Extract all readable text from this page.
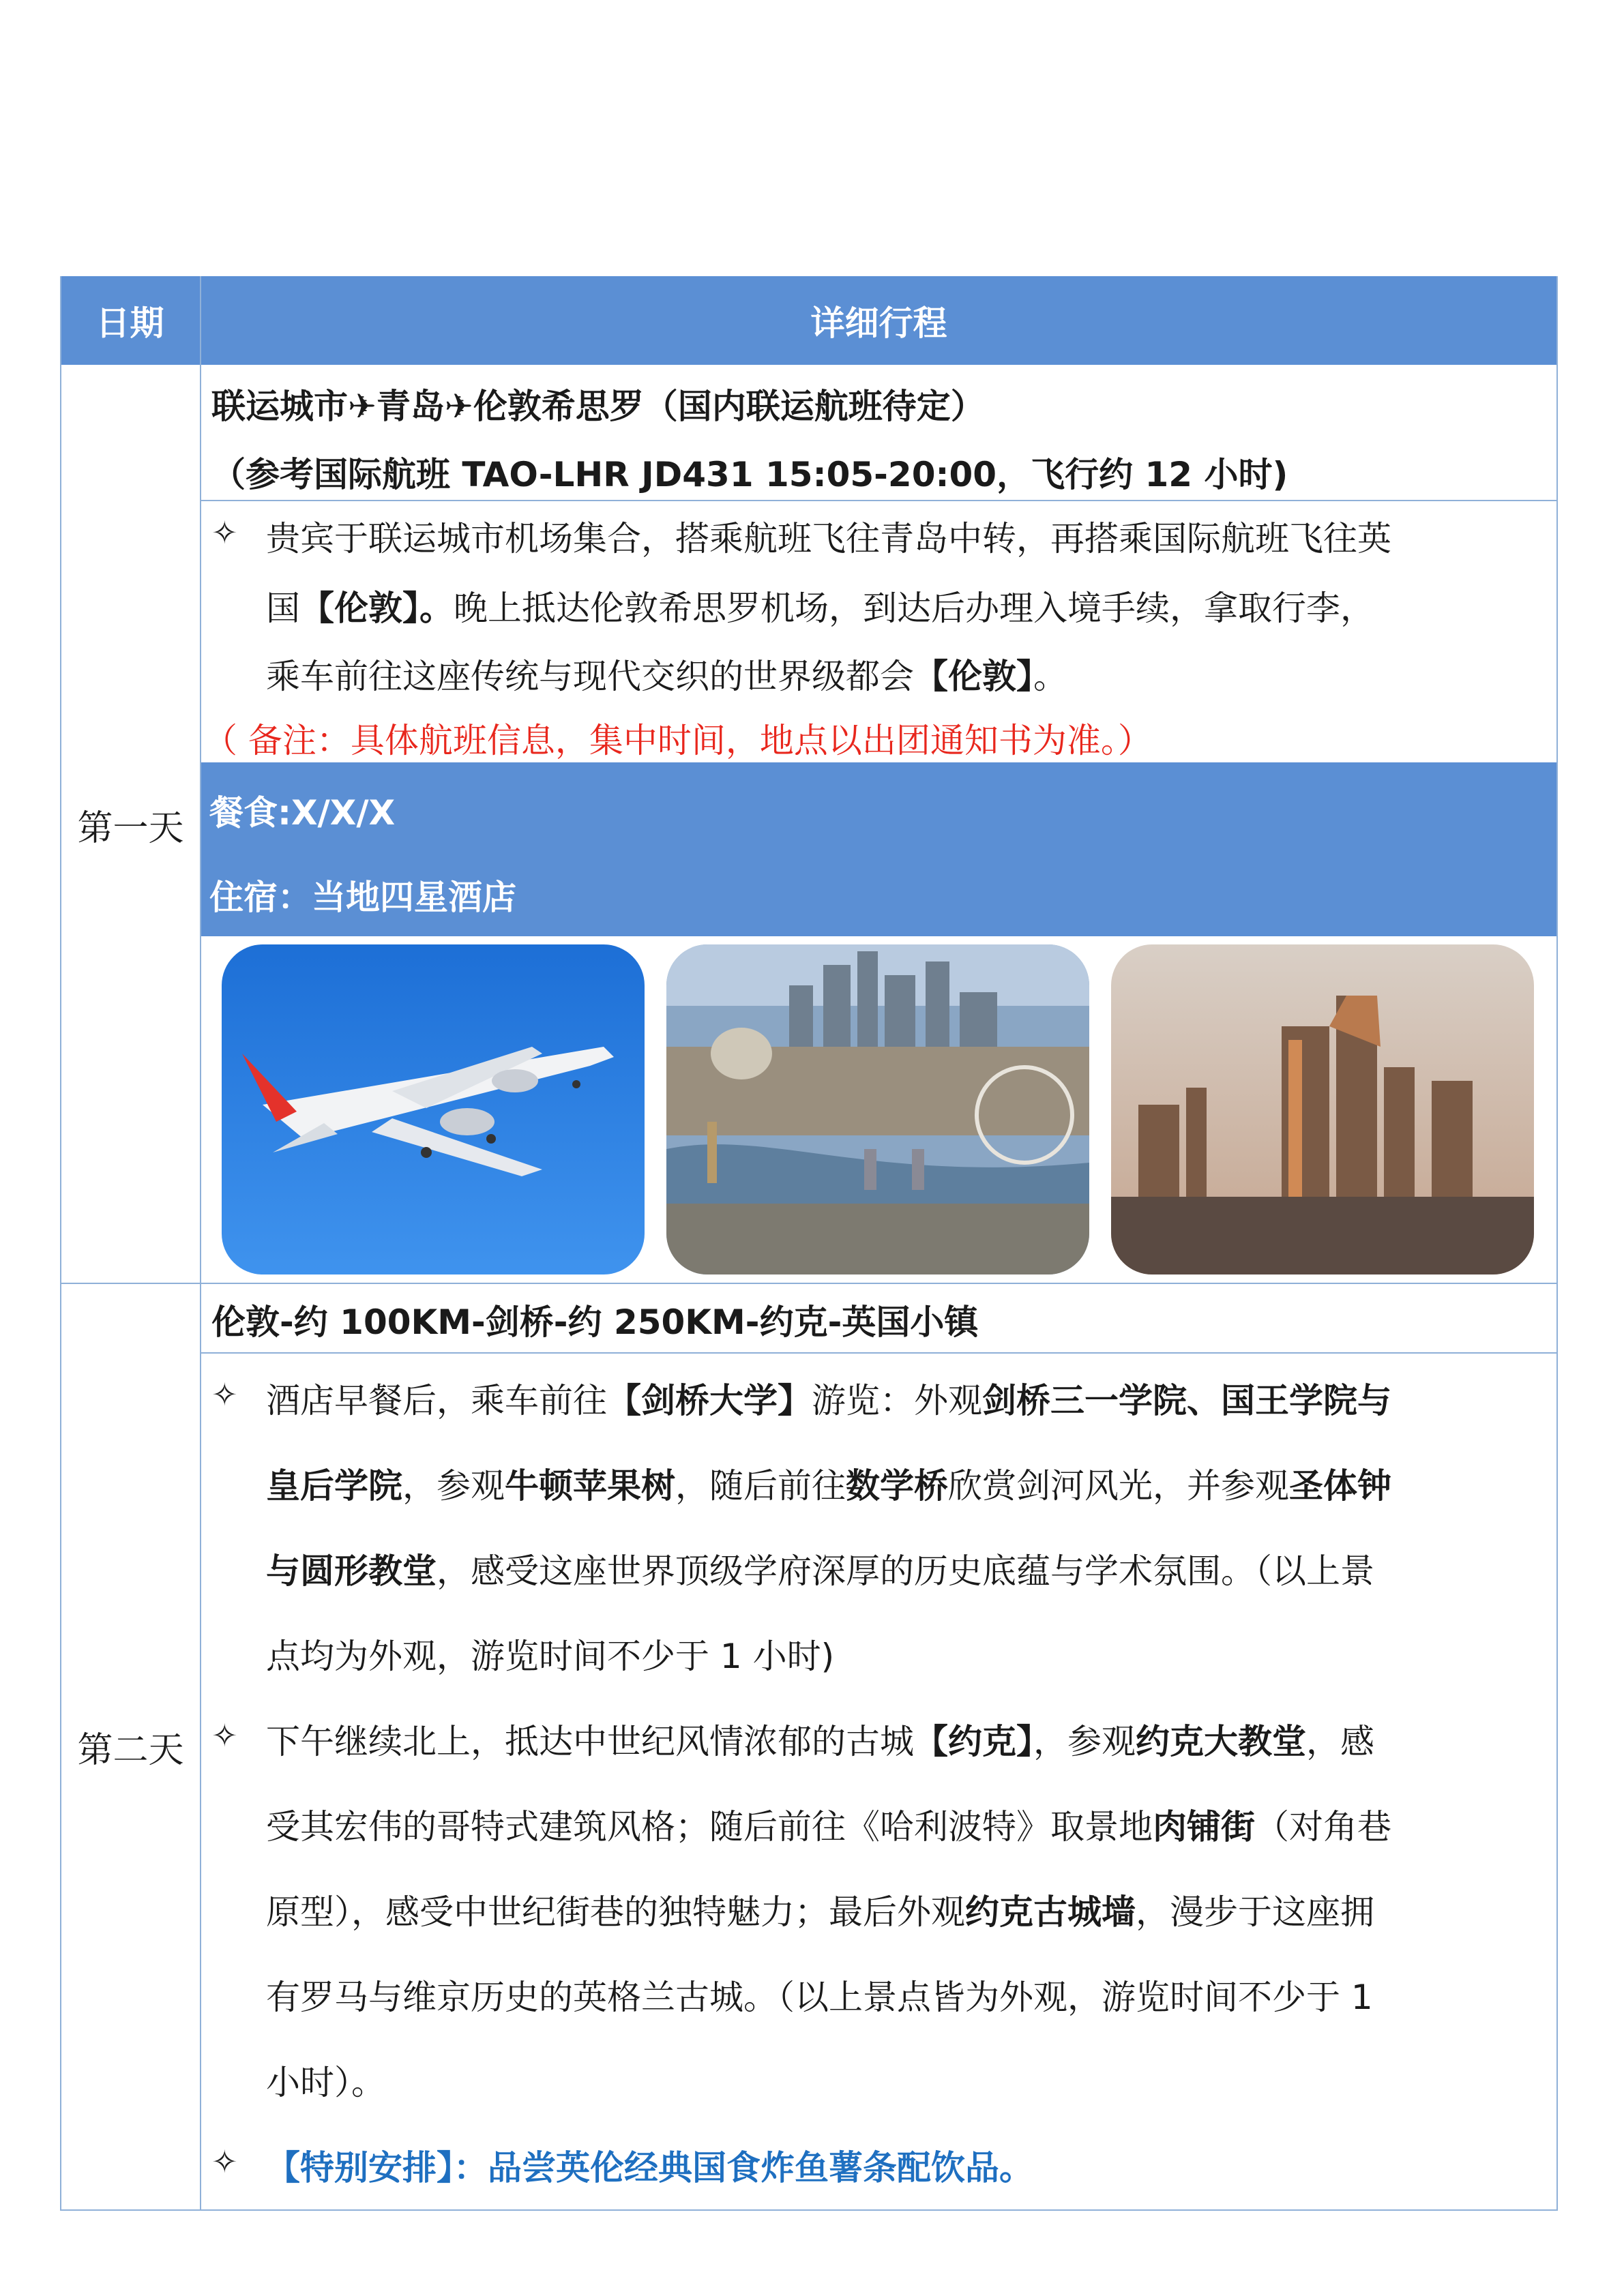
日期	详细行程
第一天
第二天
联运城市✈青岛✈伦敦希思罗（国内联运航班待定）
（参考国际航班 TAO-LHR JD431 15:05-20:00，飞行约 12 小时)
✧ 贵宾于联运城市机场集合，搭乘航班飞往青岛中转，再搭乘国际航班飞往英
国【伦敦】。晚上抵达伦敦希思罗机场，到达后办理入境手续，拿取行李，
乘车前往这座传统与现代交织的世界级都会【伦敦】。
（ 备注：具体航班信息，集中时间，地点以出团通知书为准。）
餐食:X/X/X
住宿：当地四星酒店
伦敦-约 100KM-剑桥-约 250KM-约克-英国小镇
✧ 酒店早餐后，乘车前往【剑桥大学】游览：外观剑桥三一学院、国王学院与
皇后学院，参观牛顿苹果树，随后前往数学桥欣赏剑河风光，并参观圣体钟
与圆形教堂，感受这座世界顶级学府深厚的历史底蕴与学术氛围。（以上景
点均为外观，游览时间不少于 1 小时)
✧ 下午继续北上，抵达中世纪风情浓郁的古城【约克】，参观约克大教堂，感
受其宏伟的哥特式建筑风格；随后前往《哈利波特》取景地肉铺街（对角巷
原型），感受中世纪街巷的独特魅力；最后外观约克古城墙，漫步于这座拥
有罗马与维京历史的英格兰古城。（以上景点皆为外观，游览时间不少于 1
小时）。
✧ 【特别安排】：品尝英伦经典国食炸鱼薯条配饮品。
